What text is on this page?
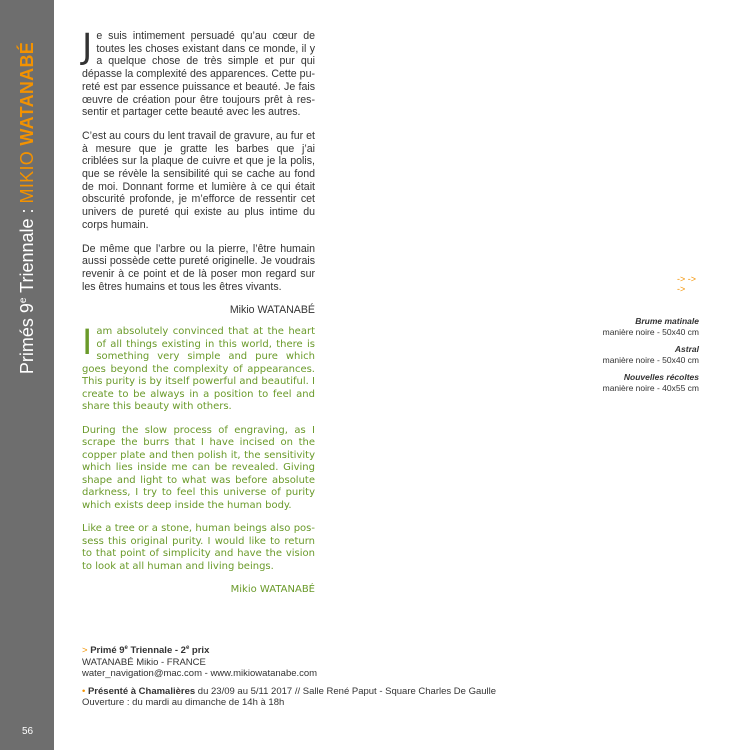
Primés 9e Triennale : MIKIO WATANABÉ
56

Je suis intimement persuadé qu’au cœur de toutes les choses existant dans ce monde, il y a quelque chose de très simple et pur qui dépasse la complexité des apparences. Cette pureté est par essence puissance et beauté. Je fais œuvre de création pour être toujours prêt à ressentir et partager cette beauté avec les autres.

C’est au cours du lent travail de gravure, au fur et à mesure que je gratte les barbes que j’ai criblées sur la plaque de cuivre et que je la polis, que se révèle la sensibilité qui se cache au fond de moi. Donnant forme et lumière à ce qui était obscurité profonde, je m’efforce de ressentir cet univers de pureté qui existe au plus intime du corps humain.

De même que l’arbre ou la pierre, l’être humain aussi possède cette pureté originelle. Je voudrais revenir à ce point et de là poser mon regard sur les êtres humains et tous les êtres vivants.

Mikio WATANABÉ

Iam absolutely convinced that at the heart of all things existing in this world, there is something very simple and pure which goes beyond the complexity of appearances. This purity is by itself powerful and beautiful. I create to be always in a position to feel and share this beauty with others.

During the slow process of engraving, as I scrape the burrs that I have incised on the copper plate and then polish it, the sensitivity which lies inside me can be revealed. Giving shape and light to what was before absolute darkness, I try to feel this universe of purity which exists deep inside the human body.

Like a tree or a stone, human beings also possess this original purity. I would like to return to that point of simplicity and have the vision to look at all human and living beings.

Mikio WATANABÉ

-> ->
->
Brume matinale
manière noire - 50x40 cm
Astral
manière noire - 50x40 cm
Nouvelles récoltes
manière noire - 40x55 cm
> Primé 9e Triennale - 2e prix
WATANABÉ Mikio - FRANCE
water_navigation@mac.com - www.mikiowatanabe.com
• Présenté à Chamalières du 23/09 au 5/11 2017 // Salle René Paput - Square Charles De Gaulle
Ouverture : du mardi au dimanche de 14h à 18h
